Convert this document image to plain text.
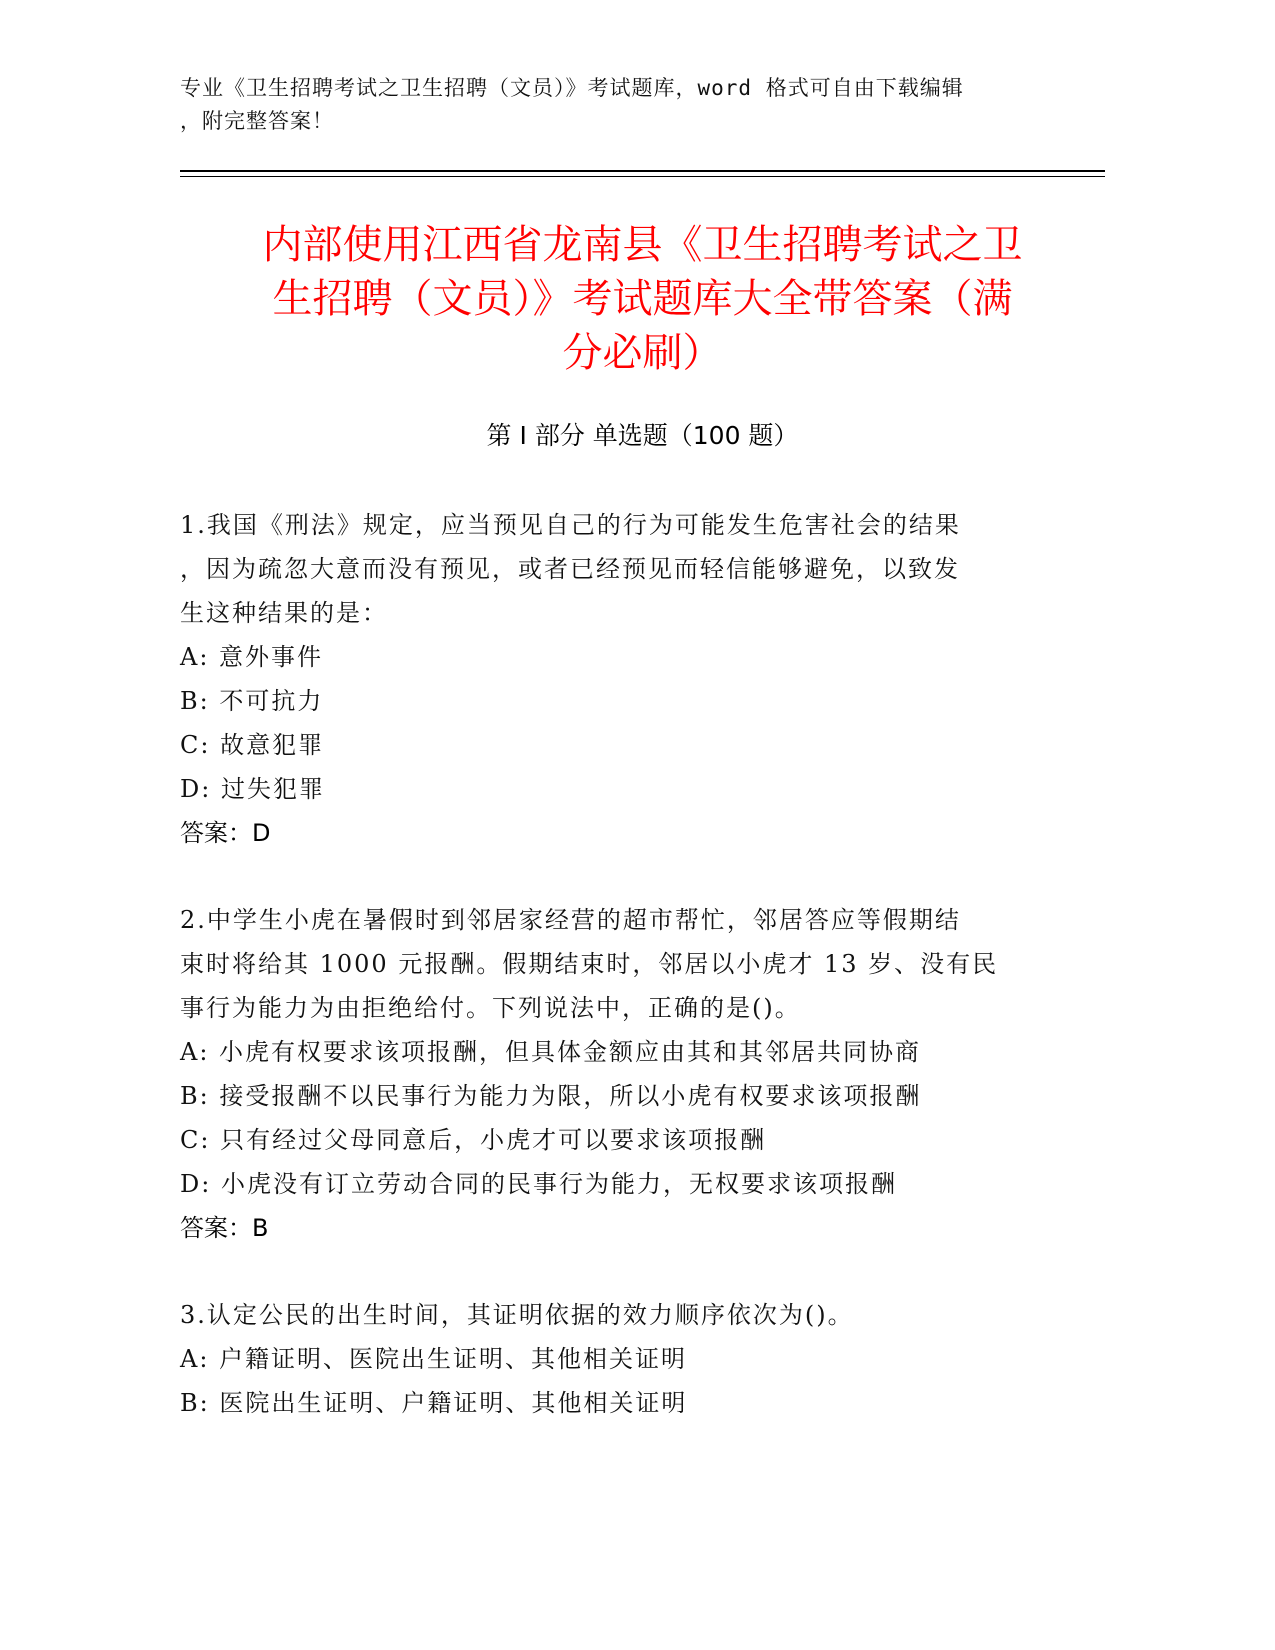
专业《卫生招聘考试之卫生招聘（文员）》考试题库，word 格式可自由下载编辑
，附完整答案！
内部使用江西省龙南县《卫生招聘考试之卫
生招聘（文员）》考试题库大全带答案（满
分必刷）
第 I 部分 单选题（100 题）
1.我国《刑法》规定，应当预见自己的行为可能发生危害社会的结果
，因为疏忽大意而没有预见，或者已经预见而轻信能够避免，以致发
生这种结果的是：
A: 意外事件
B: 不可抗力
C: 故意犯罪
D: 过失犯罪
答案：D
2.中学生小虎在暑假时到邻居家经营的超市帮忙，邻居答应等假期结
束时将给其 1000 元报酬。假期结束时，邻居以小虎才 13 岁、没有民
事行为能力为由拒绝给付。下列说法中，正确的是()。
A: 小虎有权要求该项报酬，但具体金额应由其和其邻居共同协商
B: 接受报酬不以民事行为能力为限，所以小虎有权要求该项报酬
C: 只有经过父母同意后，小虎才可以要求该项报酬
D: 小虎没有订立劳动合同的民事行为能力，无权要求该项报酬
答案：B
3.认定公民的出生时间，其证明依据的效力顺序依次为()。
A: 户籍证明、医院出生证明、其他相关证明
B: 医院出生证明、户籍证明、其他相关证明
